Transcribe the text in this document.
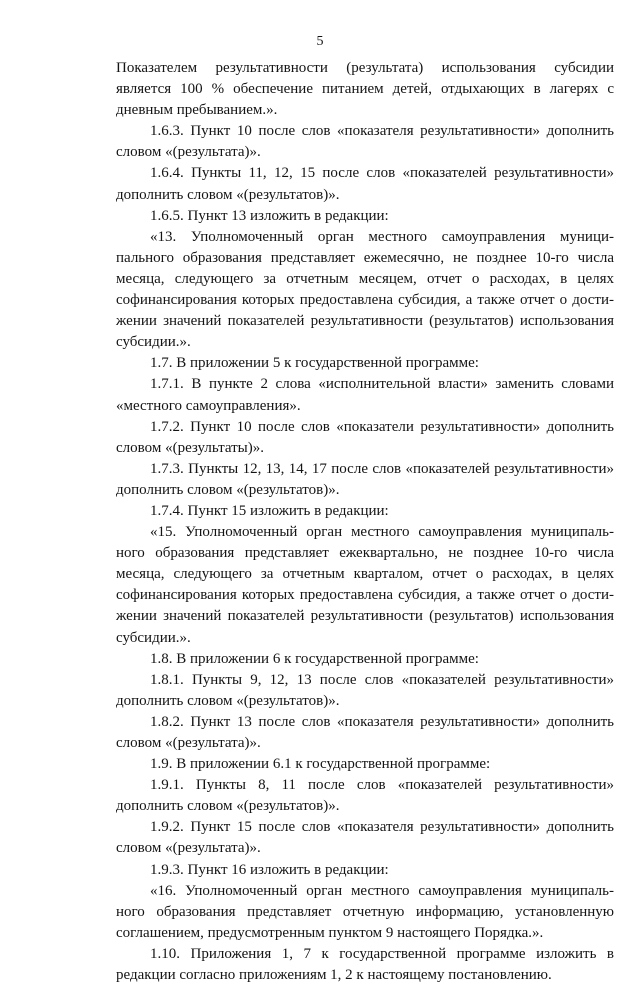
5

Показателем результативности (результата) использования субсидии является 100 % обеспечение питанием детей, отдыхающих в лагерях с дневным пребыванием.».

1.6.3. Пункт 10 после слов «показателя результативности» дополнить словом «(результата)».

1.6.4. Пункты 11, 12, 15 после слов «показателей результативности» дополнить словом «(результатов)».

1.6.5. Пункт 13 изложить в редакции:

«13. Уполномоченный орган местного самоуправления муници-пального образования представляет ежемесячно, не позднее 10-го числа месяца, следующего за отчетным месяцем, отчет о расходах, в целях софинансирования которых предоставлена субсидия, а также отчет о дости-жении значений показателей результативности (результатов) использования субсидии.».

1.7. В приложении 5 к государственной программе:

1.7.1. В пункте 2 слова «исполнительной власти» заменить словами «местного самоуправления».

1.7.2. Пункт 10 после слов «показатели результативности» дополнить словом «(результаты)».

1.7.3. Пункты 12, 13, 14, 17 после слов «показателей результативности» дополнить словом «(результатов)».

1.7.4. Пункт 15 изложить в редакции:

«15. Уполномоченный орган местного самоуправления муниципаль-ного образования представляет ежеквартально, не позднее 10-го числа месяца, следующего за отчетным кварталом, отчет о расходах, в целях софинансирования которых предоставлена субсидия, а также отчет о дости-жении значений показателей результативности (результатов) использования субсидии.».

1.8. В приложении 6 к государственной программе:

1.8.1. Пункты 9, 12, 13 после слов «показателей результативности» дополнить словом «(результатов)».

1.8.2. Пункт 13 после слов «показателя результативности» дополнить словом «(результата)».

1.9. В приложении 6.1 к государственной программе:

1.9.1. Пункты 8, 11 после слов «показателей результативности» дополнить словом «(результатов)».

1.9.2. Пункт 15 после слов «показателя результативности» дополнить словом «(результата)».

1.9.3. Пункт 16 изложить в редакции:

«16. Уполномоченный орган местного самоуправления муниципаль-ного образования представляет отчетную информацию, установленную соглашением, предусмотренным пунктом 9 настоящего Порядка.».

1.10. Приложения 1, 7 к государственной программе изложить в редакции согласно приложениям 1, 2 к настоящему постановлению.
